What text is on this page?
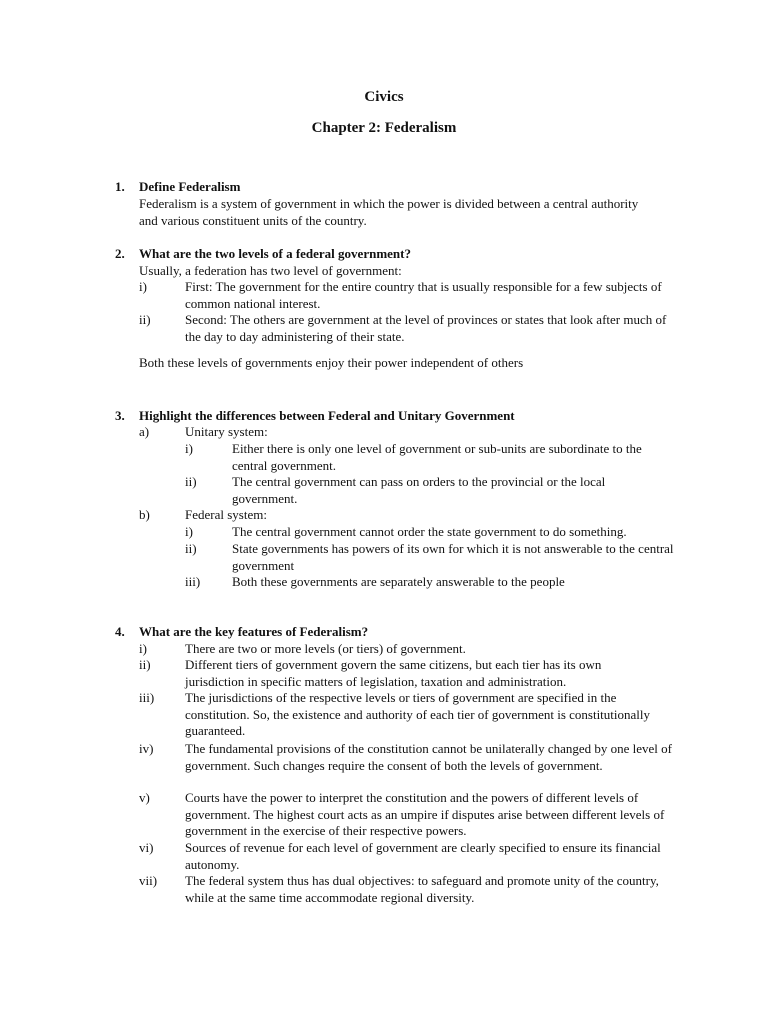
Civics
Chapter 2: Federalism
1. Define Federalism
Federalism is a system of government in which the power is divided between a central authority and various constituent units of the country.
2. What are the two levels of a federal government?
Usually, a federation has two level of government:
i)	First: The government for the entire country that is usually responsible for a few subjects of common national interest.
ii)	Second: The others are government at the level of provinces or states that look after much of the day to day administering of their state.
Both these levels of governments enjoy their power independent of others
3. Highlight the differences between Federal and Unitary Government
a)	Unitary system:
i)	Either there is only one level of government or sub-units are subordinate to the central government.
ii)	The central government can pass on orders to the provincial or the local government.
b)	Federal system:
i)	The central government cannot order the state government to do something.
ii)	State governments has powers of its own for which it is not answerable to the central government
iii) Both these governments are separately answerable to the people
4. What are the key features of Federalism?
i)	There are two or more levels (or tiers) of government.
ii)	Different tiers of government govern the same citizens, but each tier has its own jurisdiction in specific matters of legislation, taxation and administration.
iii) The jurisdictions of the respective levels or tiers of government are specified in the constitution. So, the existence and authority of each tier of government is constitutionally guaranteed.
iv) The fundamental provisions of the constitution cannot be unilaterally changed by one level of government. Such changes require the consent of both the levels of government.
v)	Courts have the power to interpret the constitution and the powers of different levels of government. The highest court acts as an umpire if disputes arise between different levels of government in the exercise of their respective powers.
vi) Sources of revenue for each level of government are clearly specified to ensure its financial autonomy.
vii) The federal system thus has dual objectives: to safeguard and promote unity of the country, while at the same time accommodate regional diversity.
